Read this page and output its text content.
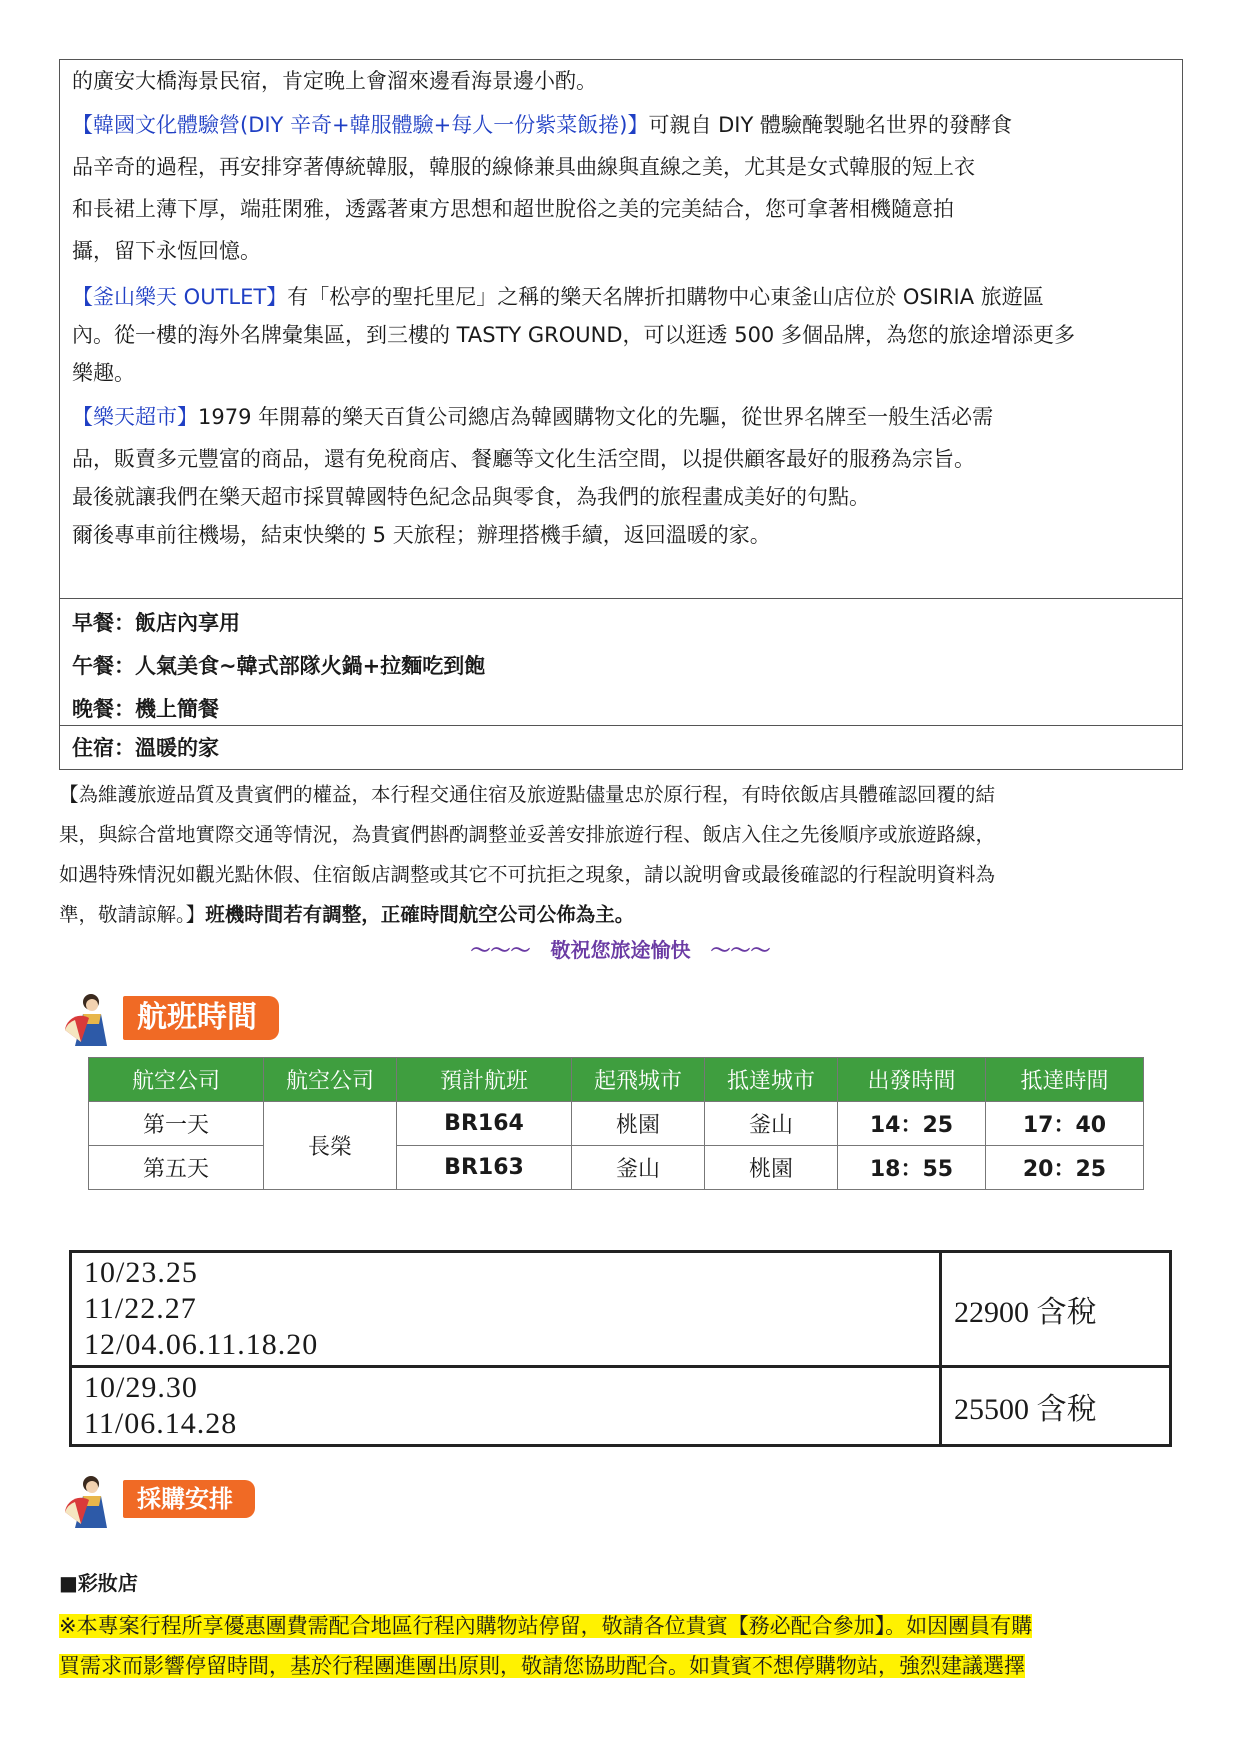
的廣安大橋海景民宿，肯定晚上會溜來邊看海景邊小酌。

【韓國文化體驗營(DIY 辛奇+韓服體驗+每人一份紫菜飯捲)】可親自 DIY 體驗醃製馳名世界的發酵食

品辛奇的過程，再安排穿著傳統韓服，韓服的線條兼具曲線與直線之美，尤其是女式韓服的短上衣

和長裙上薄下厚，端莊閑雅，透露著東方思想和超世脫俗之美的完美結合，您可拿著相機隨意拍

攝，留下永恆回憶。

【釜山樂天 OUTLET】有「松亭的聖托里尼」之稱的樂天名牌折扣購物中心東釜山店位於 OSIRIA 旅遊區

內。從一樓的海外名牌彙集區，到三樓的 TASTY GROUND，可以逛透 500 多個品牌，為您的旅途增添更多

樂趣。

【樂天超市】1979 年開幕的樂天百貨公司總店為韓國購物文化的先驅，從世界名牌至一般生活必需

品，販賣多元豐富的商品，還有免稅商店、餐廳等文化生活空間，以提供顧客最好的服務為宗旨。

最後就讓我們在樂天超市採買韓國特色紀念品與零食，為我們的旅程畫成美好的句點。

爾後專車前往機場，結束快樂的 5 天旅程；辦理搭機手續，返回溫暖的家。

早餐：飯店內享用
午餐：人氣美食~韓式部隊火鍋+拉麵吃到飽
晚餐：機上簡餐
住宿：溫暖的家

【為維護旅遊品質及貴賓們的權益，本行程交通住宿及旅遊點儘量忠於原行程，有時依飯店具體確認回覆的結
果，與綜合當地實際交通等情況，為貴賓們斟酌調整並妥善安排旅遊行程、飯店入住之先後順序或旅遊路線，
如遇特殊情況如觀光點休假、住宿飯店調整或其它不可抗拒之現象，請以說明會或最後確認的行程說明資料為
準，敬請諒解。】班機時間若有調整，正確時間航空公司公佈為主。

～～～　敬祝您旅途愉快　～～～
航班時間
航空公司	航空公司	預計航班	起飛城市	抵達城市	出發時間	抵達時間
第一天	長榮	BR164	桃園	釜山	14：25	17：40
第五天		BR163	釜山	桃園	18：55	20：25
10/23.25
11/22.27
12/04.06.11.18.20	22900 含稅

10/29.30
11/06.14.28	25500 含稅
採購安排
■彩妝店

※本專案行程所享優惠團費需配合地區行程內購物站停留，敬請各位貴賓【務必配合參加】。如因團員有購
買需求而影響停留時間，基於行程團進團出原則，敬請您協助配合。如貴賓不想停購物站，強烈建議選擇
